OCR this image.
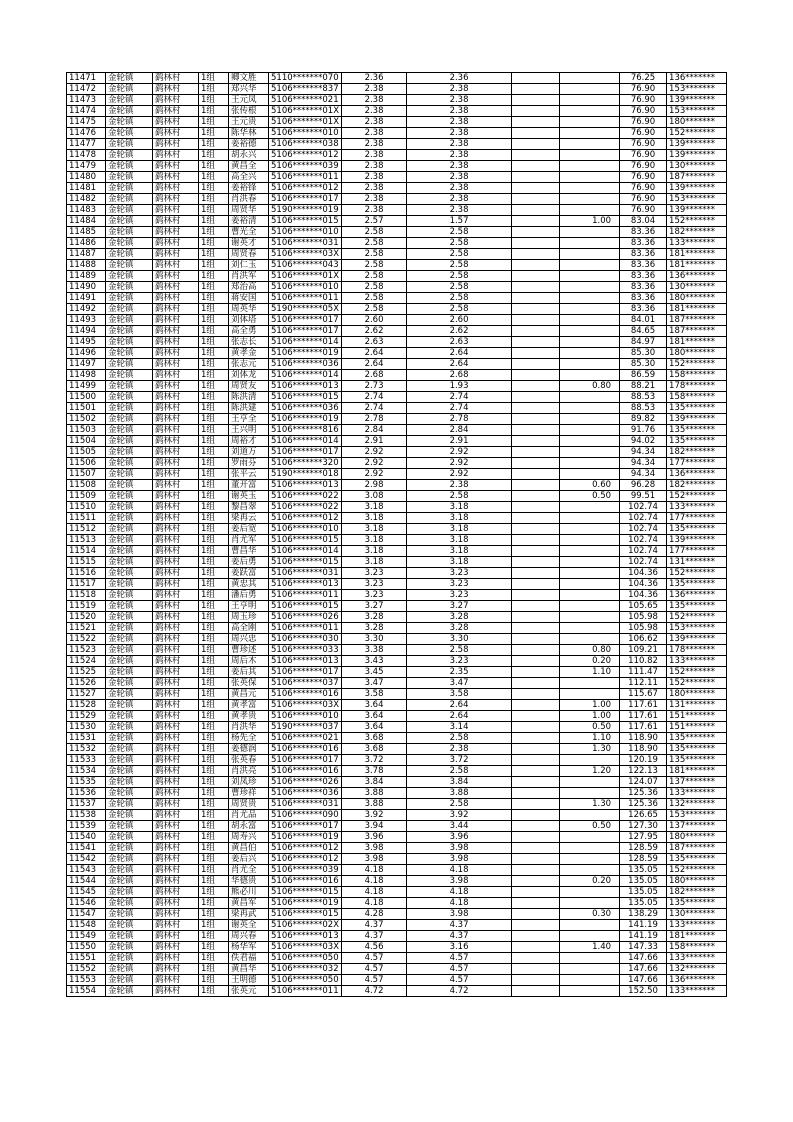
11471	金轮镇	鹞林村	1组	卿文胜	5110*******070	2.36	2.36			76.25	136*******
11472	金轮镇	鹞林村	1组	郑兴华	5106*******837	2.38	2.38			76.90	153*******
11473	金轮镇	鹞林村	1组	王元凤	5106*******021	2.38	2.38			76.90	139*******
11474	金轮镇	鹞林村	1组	张传根	5106*******01X	2.38	2.38			76.90	153*******
11475	金轮镇	鹞林村	1组	王元贵	5106*******01X	2.38	2.38			76.90	180*******
11476	金轮镇	鹞林村	1组	陈华林	5106*******010	2.38	2.38			76.90	152*******
11477	金轮镇	鹞林村	1组	姜裕德	5106*******038	2.38	2.38			76.90	139*******
11478	金轮镇	鹞林村	1组	胡永兴	5106*******012	2.38	2.38			76.90	139*******
11479	金轮镇	鹞林村	1组	黄昌全	5106*******039	2.38	2.38			76.90	130*******
11480	金轮镇	鹞林村	1组	高全兴	5106*******011	2.38	2.38			76.90	187*******
11481	金轮镇	鹞林村	1组	姜裕锋	5106*******012	2.38	2.38			76.90	139*******
11482	金轮镇	鹞林村	1组	肖洪春	5106*******017	2.38	2.38			76.90	153*******
11483	金轮镇	鹞林村	1组	周贤华	5190*******019	2.38	2.38			76.90	139*******
11484	金轮镇	鹞林村	1组	姜裕清	5106*******015	2.57	1.57		1.00	83.04	152*******
11485	金轮镇	鹞林村	1组	曹光全	5106*******010	2.58	2.58			83.36	182*******
11486	金轮镇	鹞林村	1组	谢英才	5106*******031	2.58	2.58			83.36	133*******
11487	金轮镇	鹞林村	1组	周贤春	5106*******03X	2.58	2.58			83.36	181*******
11488	金轮镇	鹞林村	1组	刘仁玉	5106*******043	2.58	2.58			83.36	181*******
11489	金轮镇	鹞林村	1组	肖洪军	5106*******01X	2.58	2.58			83.36	136*******
11490	金轮镇	鹞林村	1组	郑治高	5106*******010	2.58	2.58			83.36	130*******
11491	金轮镇	鹞林村	1组	蒋安国	5106*******011	2.58	2.58			83.36	180*******
11492	金轮镇	鹞林村	1组	周英华	5190*******05X	2.58	2.58			83.36	181*******
11493	金轮镇	鹞林村	1组	刘体塔	5106*******017	2.60	2.60			84.01	187*******
11494	金轮镇	鹞林村	1组	高全勇	5106*******017	2.62	2.62			84.65	187*******
11495	金轮镇	鹞林村	1组	张志长	5106*******014	2.63	2.63			84.97	181*******
11496	金轮镇	鹞林村	1组	黄孝金	5106*******019	2.64	2.64			85.30	180*******
11497	金轮镇	鹞林村	1组	张志元	5106*******036	2.64	2.64			85.30	152*******
11498	金轮镇	鹞林村	1组	刘体龙	5106*******014	2.68	2.68			86.59	158*******
11499	金轮镇	鹞林村	1组	周贤友	5106*******013	2.73	1.93		0.80	88.21	178*******
11500	金轮镇	鹞林村	1组	陈洪清	5106*******015	2.74	2.74			88.53	158*******
11501	金轮镇	鹞林村	1组	陈洪建	5106*******036	2.74	2.74			88.53	135*******
11502	金轮镇	鹞林村	1组	王亨全	5106*******019	2.78	2.78			89.82	139*******
11503	金轮镇	鹞林村	1组	王兴明	5106*******816	2.84	2.84			91.76	135*******
11504	金轮镇	鹞林村	1组	周裕才	5106*******014	2.91	2.91			94.02	135*******
11505	金轮镇	鹞林村	1组	刘道万	5106*******017	2.92	2.92			94.34	182*******
11506	金轮镇	鹞林村	1组	罗雨芬	5106*******320	2.92	2.92			94.34	177*******
11507	金轮镇	鹞林村	1组	张平云	5190*******018	2.92	2.92			94.34	136*******
11508	金轮镇	鹞林村	1组	董开富	5106*******013	2.98	2.38		0.60	96.28	182*******
11509	金轮镇	鹞林村	1组	谢英玉	5106*******022	3.08	2.58		0.50	99.51	152*******
11510	金轮镇	鹞林村	1组	黎昌翠	5106*******022	3.18	3.18			102.74	133*******
11511	金轮镇	鹞林村	1组	梁再云	5106*******012	3.18	3.18			102.74	177*******
11512	金轮镇	鹞林村	1组	姜后宽	5106*******010	3.18	3.18			102.74	135*******
11513	金轮镇	鹞林村	1组	肖尤军	5106*******015	3.18	3.18			102.74	139*******
11514	金轮镇	鹞林村	1组	曹昌华	5106*******014	3.18	3.18			102.74	177*******
11515	金轮镇	鹞林村	1组	姜后勇	5106*******015	3.18	3.18			102.74	131*******
11516	金轮镇	鹞林村	1组	姜跃富	5106*******031	3.23	3.23			104.36	152*******
11517	金轮镇	鹞林村	1组	黄忠其	5106*******013	3.23	3.23			104.36	135*******
11518	金轮镇	鹞林村	1组	潘后勇	5106*******011	3.23	3.23			104.36	136*******
11519	金轮镇	鹞林村	1组	王亨明	5106*******015	3.27	3.27			105.65	135*******
11520	金轮镇	鹞林村	1组	周玉珍	5106*******026	3.28	3.28			105.98	152*******
11521	金轮镇	鹞林村	1组	高全刚	5106*******011	3.28	3.28			105.98	153*******
11522	金轮镇	鹞林村	1组	周兴忠	5106*******030	3.30	3.30			106.62	139*******
11523	金轮镇	鹞林村	1组	曹珍述	5106*******033	3.38	2.58		0.80	109.21	178*******
11524	金轮镇	鹞林村	1组	周后木	5106*******013	3.43	3.23		0.20	110.82	133*******
11525	金轮镇	鹞林村	1组	姜后其	5106*******017	3.45	2.35		1.10	111.47	152*******
11526	金轮镇	鹞林村	1组	张英保	5106*******037	3.47	3.47			112.11	152*******
11527	金轮镇	鹞林村	1组	黄昌元	5106*******016	3.58	3.58			115.67	180*******
11528	金轮镇	鹞林村	1组	黄孝富	5106*******03X	3.64	2.64		1.00	117.61	131*******
11529	金轮镇	鹞林村	1组	黄孝贵	5106*******010	3.64	2.64		1.00	117.61	151*******
11530	金轮镇	鹞林村	1组	肖洪华	5190*******037	3.64	3.14		0.50	117.61	151*******
11531	金轮镇	鹞林村	1组	杨先全	5106*******021	3.68	2.58		1.10	118.90	135*******
11532	金轮镇	鹞林村	1组	姜德润	5106*******016	3.68	2.38		1.30	118.90	135*******
11533	金轮镇	鹞林村	1组	张英春	5106*******017	3.72	3.72			120.19	135*******
11534	金轮镇	鹞林村	1组	肖洪亮	5106*******016	3.78	2.58		1.20	122.13	181*******
11535	金轮镇	鹞林村	1组	刘凤珍	5106*******026	3.84	3.84			124.07	137*******
11536	金轮镇	鹞林村	1组	曹珍祥	5106*******036	3.88	3.88			125.36	133*******
11537	金轮镇	鹞林村	1组	周贤贵	5106*******031	3.88	2.58		1.30	125.36	132*******
11538	金轮镇	鹞林村	1组	肖尤品	5106*******090	3.92	3.92			126.65	153*******
11539	金轮镇	鹞林村	1组	胡永富	5106*******017	3.94	3.44		0.50	127.30	137*******
11540	金轮镇	鹞林村	1组	周寿兴	5106*******019	3.96	3.96			127.95	180*******
11541	金轮镇	鹞林村	1组	黄昌伯	5106*******012	3.98	3.98			128.59	187*******
11542	金轮镇	鹞林村	1组	姜后兴	5106*******012	3.98	3.98			128.59	135*******
11543	金轮镇	鹞林村	1组	肖尤全	5106*******039	4.18	4.18			135.05	152*******
11544	金轮镇	鹞林村	1组	华德贵	5106*******016	4.18	3.98		0.20	135.05	180*******
11545	金轮镇	鹞林村	1组	熊必川	5106*******015	4.18	4.18			135.05	182*******
11546	金轮镇	鹞林村	1组	黄昌军	5106*******019	4.18	4.18			135.05	135*******
11547	金轮镇	鹞林村	1组	梁再武	5106*******015	4.28	3.98		0.30	138.29	130*******
11548	金轮镇	鹞林村	1组	谢英全	5106*******02X	4.37	4.37			141.19	133*******
11549	金轮镇	鹞林村	1组	周兴春	5106*******013	4.37	4.37			141.19	181*******
11550	金轮镇	鹞林村	1组	杨华军	5106*******03X	4.56	3.16		1.40	147.33	158*******
11551	金轮镇	鹞林村	1组	佚君福	5106*******050	4.57	4.57			147.66	133*******
11552	金轮镇	鹞林村	1组	黄昌华	5106*******032	4.57	4.57			147.66	132*******
11553	金轮镇	鹞林村	1组	王明德	5106*******050	4.57	4.57			147.66	136*******
11554	金轮镇	鹞林村	1组	张英元	5106*******011	4.72	4.72			152.50	133*******
